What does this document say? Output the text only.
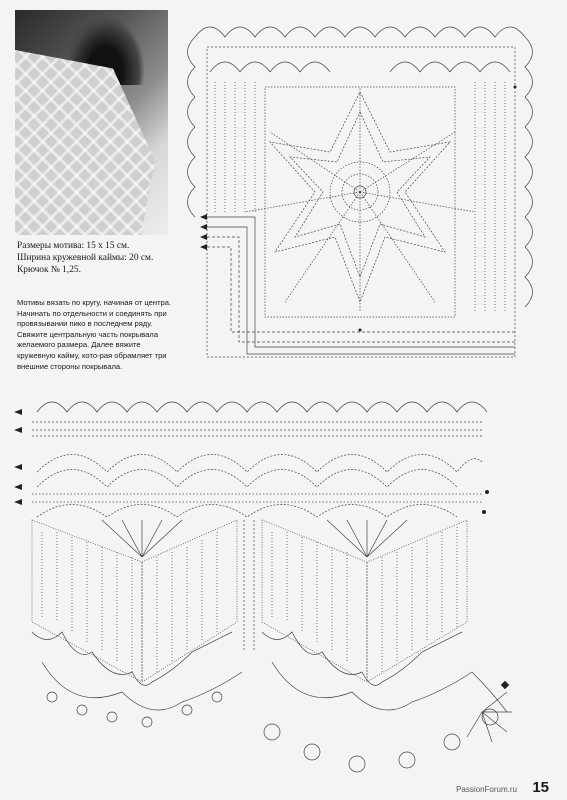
Размеры мотива: 15 х 15 см.
Ширина кружевной каймы: 20 см.
Крючок № 1,25.

Мотивы вязать по кругу, начиная от центра. Начинать по отдельности и соединять при провязывании пико в последнем ряду. Свяжите центральную часть покрывала желаемого размера. Далее вяжите кружевную кайму, кото-рая обрамляет три внешние стороны покрывала.

PassionForum.ru 15
